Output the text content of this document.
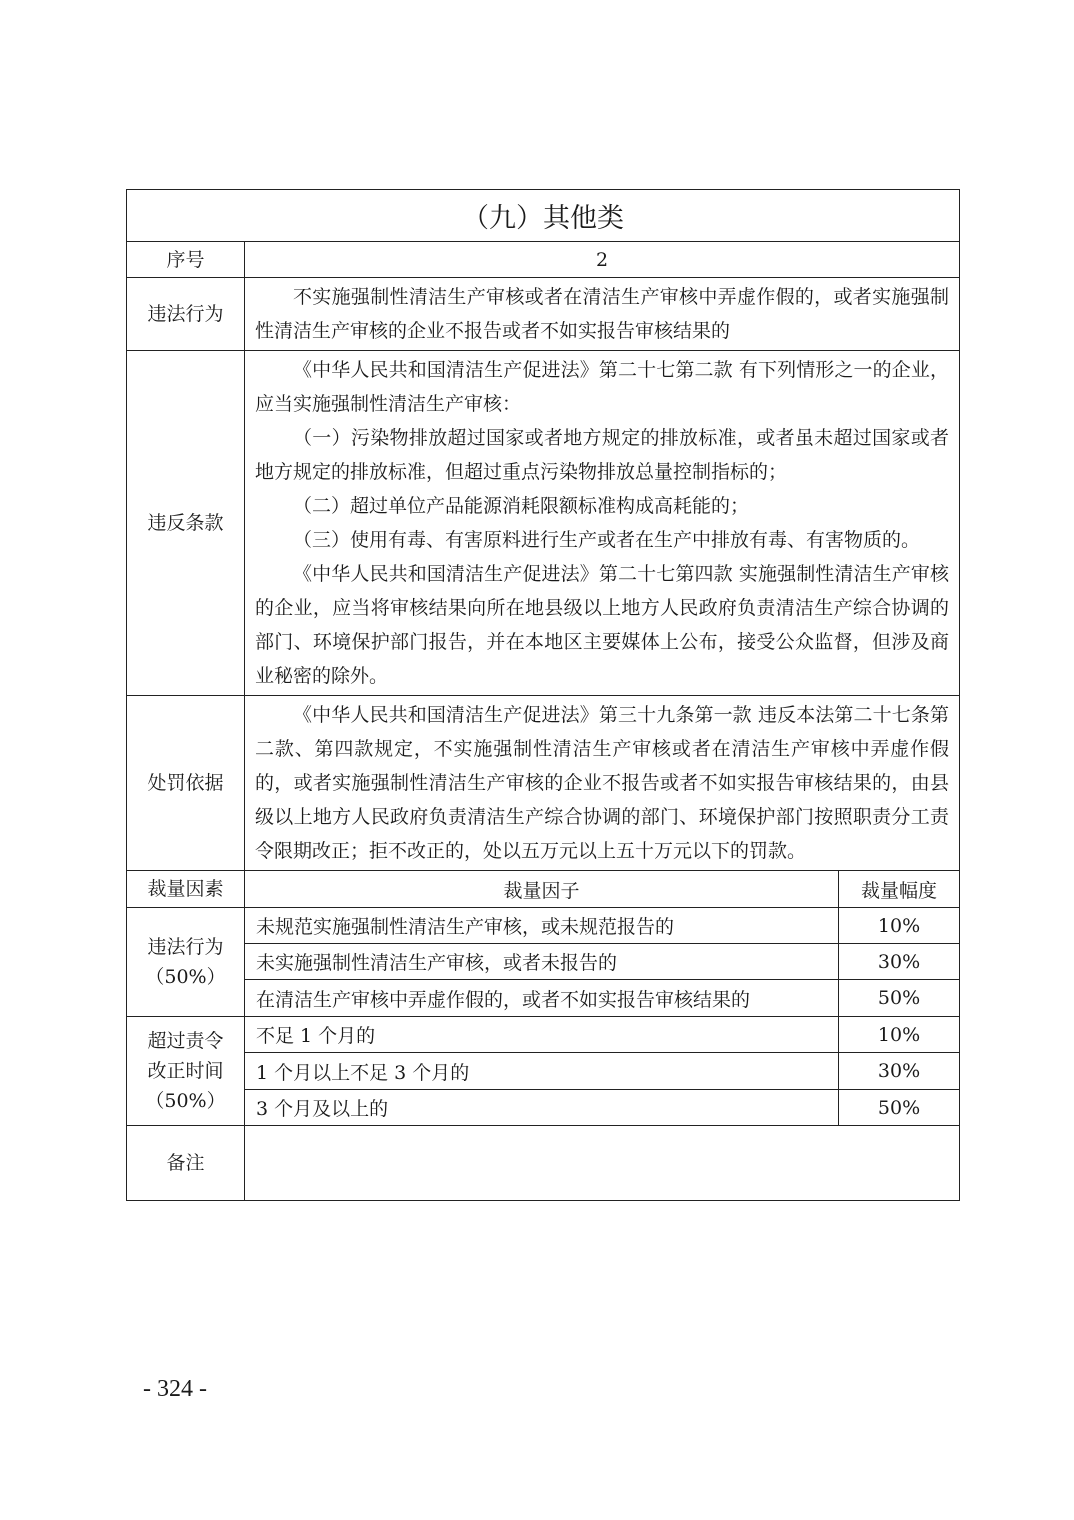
（九）其他类		
序号	2	
违法行为	不实施强制性清洁生产审核或者在清洁生产审核中弄虚作假的，或者实施强制性清洁生产审核的企业不报告或者不如实报告审核结果的	

违反条款	《中华人民共和国清洁生产促进法》第二十七第二款 有下列情形之一的企业，应当实施强制性清洁生产审核：

（一）污染物排放超过国家或者地方规定的排放标准，或者虽未超过国家或者地方规定的排放标准，但超过重点污染物排放总量控制指标的；

（二）超过单位产品能源消耗限额标准构成高耗能的；

（三）使用有毒、有害原料进行生产或者在生产中排放有毒、有害物质的。

《中华人民共和国清洁生产促进法》第二十七第四款 实施强制性清洁生产审核的企业，应当将审核结果向所在地县级以上地方人民政府负责清洁生产综合协调的部门、环境保护部门报告，并在本地区主要媒体上公布，接受公众监督，但涉及商业秘密的除外。	

处罚依据	《中华人民共和国清洁生产促进法》第三十九条第一款 违反本法第二十七条第二款、第四款规定，不实施强制性清洁生产审核或者在清洁生产审核中弄虚作假的，或者实施强制性清洁生产审核的企业不报告或者不如实报告审核结果的，由县级以上地方人民政府负责清洁生产综合协调的部门、环境保护部门按照职责分工责令限期改正；拒不改正的，处以五万元以上五十万元以下的罚款。	

裁量因素	裁量因子	裁量幅度

违法行为
（50%）	未规范实施强制性清洁生产审核，或未规范报告的	10%
	未实施强制性清洁生产审核，或者未报告的	30%
	在清洁生产审核中弄虚作假的，或者不如实报告审核结果的	50%

超过责令
改正时间
（50%）	不足 1 个月的	10%
	1 个月以上不足 3 个月的	30%
	3 个月及以上的	50%
备注		
- 324 -
